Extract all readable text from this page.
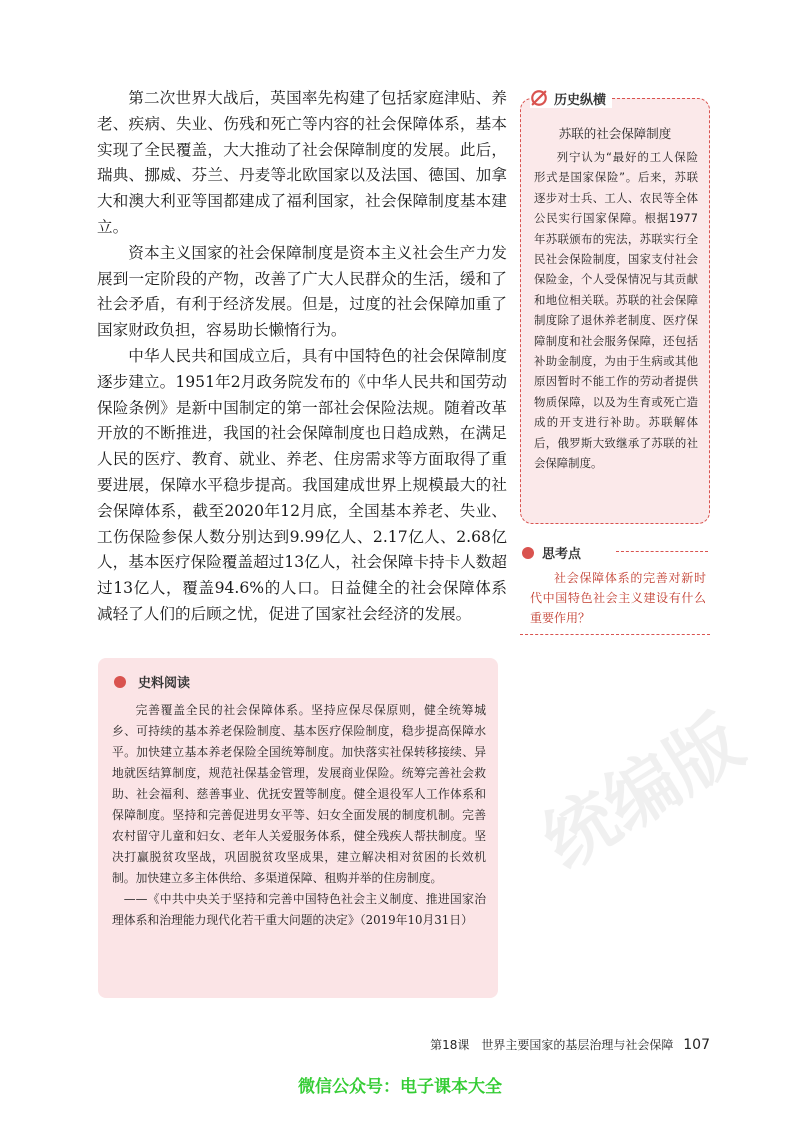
第二次世界大战后，英国率先构建了包括家庭津贴、养老、疾病、失业、伤残和死亡等内容的社会保障体系，基本实现了全民覆盖，大大推动了社会保障制度的发展。此后，瑞典、挪威、芬兰、丹麦等北欧国家以及法国、德国、加拿大和澳大利亚等国都建成了福利国家，社会保障制度基本建立。

资本主义国家的社会保障制度是资本主义社会生产力发展到一定阶段的产物，改善了广大人民群众的生活，缓和了社会矛盾，有利于经济发展。但是，过度的社会保障加重了国家财政负担，容易助长懒惰行为。

中华人民共和国成立后，具有中国特色的社会保障制度逐步建立。1951年2月政务院发布的《中华人民共和国劳动保险条例》是新中国制定的第一部社会保险法规。随着改革开放的不断推进，我国的社会保障制度也日趋成熟，在满足人民的医疗、教育、就业、养老、住房需求等方面取得了重要进展，保障水平稳步提高。我国建成世界上规模最大的社会保障体系，截至2020年12月底，全国基本养老、失业、工伤保险参保人数分别达到9.99亿人、2.17亿人、2.68亿人，基本医疗保险覆盖超过13亿人，社会保障卡持卡人数超过13亿人，覆盖94.6%的人口。日益健全的社会保障体系减轻了人们的后顾之忧，促进了国家社会经济的发展。

历史纵横
苏联的社会保障制度

列宁认为“最好的工人保险形式是国家保险”。后来，苏联逐步对士兵、工人、农民等全体公民实行国家保障。根据1977年苏联颁布的宪法，苏联实行全民社会保险制度，国家支付社会保险金，个人受保情况与其贡献和地位相关联。苏联的社会保障制度除了退休养老制度、医疗保障制度和社会服务保障，还包括补助金制度，为由于生病或其他原因暂时不能工作的劳动者提供物质保障，以及为生育或死亡造成的开支进行补助。苏联解体后，俄罗斯大致继承了苏联的社会保障制度。

思考点

社会保障体系的完善对新时代中国特色社会主义建设有什么重要作用？

史料阅读

完善覆盖全民的社会保障体系。坚持应保尽保原则，健全统筹城乡、可持续的基本养老保险制度、基本医疗保险制度，稳步提高保障水平。加快建立基本养老保险全国统筹制度。加快落实社保转移接续、异地就医结算制度，规范社保基金管理，发展商业保险。统筹完善社会救助、社会福利、慈善事业、优抚安置等制度。健全退役军人工作体系和保障制度。坚持和完善促进男女平等、妇女全面发展的制度机制。完善农村留守儿童和妇女、老年人关爱服务体系，健全残疾人帮扶制度。坚决打赢脱贫攻坚战，巩固脱贫攻坚成果，建立解决相对贫困的长效机制。加快建立多主体供给、多渠道保障、租购并举的住房制度。

——《中共中央关于坚持和完善中国特色社会主义制度、推进国家治理体系和治理能力现代化若干重大问题的决定》（2019年10月31日）

统编版
第18课　世界主要国家的基层治理与社会保障 107
微信公众号：电子课本大全
